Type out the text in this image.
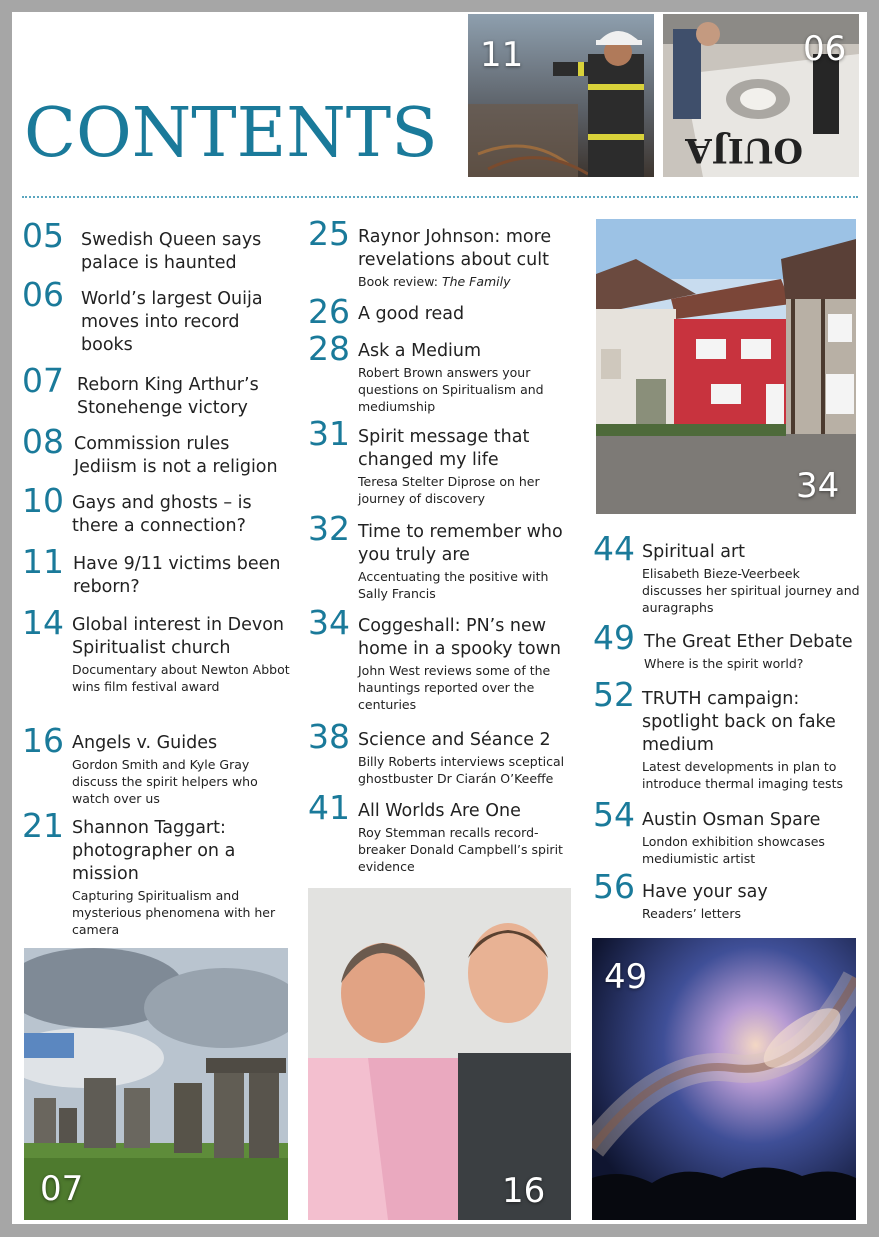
CONTENTS
11
OUIJA
06
05 Swedish Queen says palace is haunted
06 World’s largest Ouija moves into record books
07 Reborn King Arthur’s Stonehenge victory
08 Commission rules Jediism is not a religion
10 Gays and ghosts – is there a connection?
11 Have 9/11 victims been reborn?
14 Global interest in Devon Spiritualist church
Documentary about Newton Abbot wins film festival award
16 Angels v. Guides
Gordon Smith and Kyle Gray discuss the spirit helpers who watch over us
21 Shannon Taggart: photographer on a mission
Capturing Spiritualism and mysterious phenomena with her camera
25 Raynor Johnson: more revelations about cult
Book review: The Family
26 A good read
28 Ask a Medium
Robert Brown answers your questions on Spiritualism and mediumship
31 Spirit message that changed my life
Teresa Stelter Diprose on her journey of discovery
32 Time to remember who you truly are
Accentuating the positive with Sally Francis
34 Coggeshall: PN’s new home in a spooky town
John West reviews some of the hauntings reported over the centuries
38 Science and Séance 2
Billy Roberts interviews sceptical ghostbuster Dr Ciarán O’Keeffe
41 All Worlds Are One
Roy Stemman recalls record-breaker Donald Campbell’s spirit evidence
44 Spiritual art
Elisabeth Bieze-Veerbeek discusses her spiritual journey and auragraphs
49 The Great Ether Debate
Where is the spirit world?
52 TRUTH campaign: spotlight back on fake medium
Latest developments in plan to introduce thermal imaging tests
54 Austin Osman Spare
London exhibition showcases mediumistic artist
56 Have your say
Readers’ letters
34
07	16
49
